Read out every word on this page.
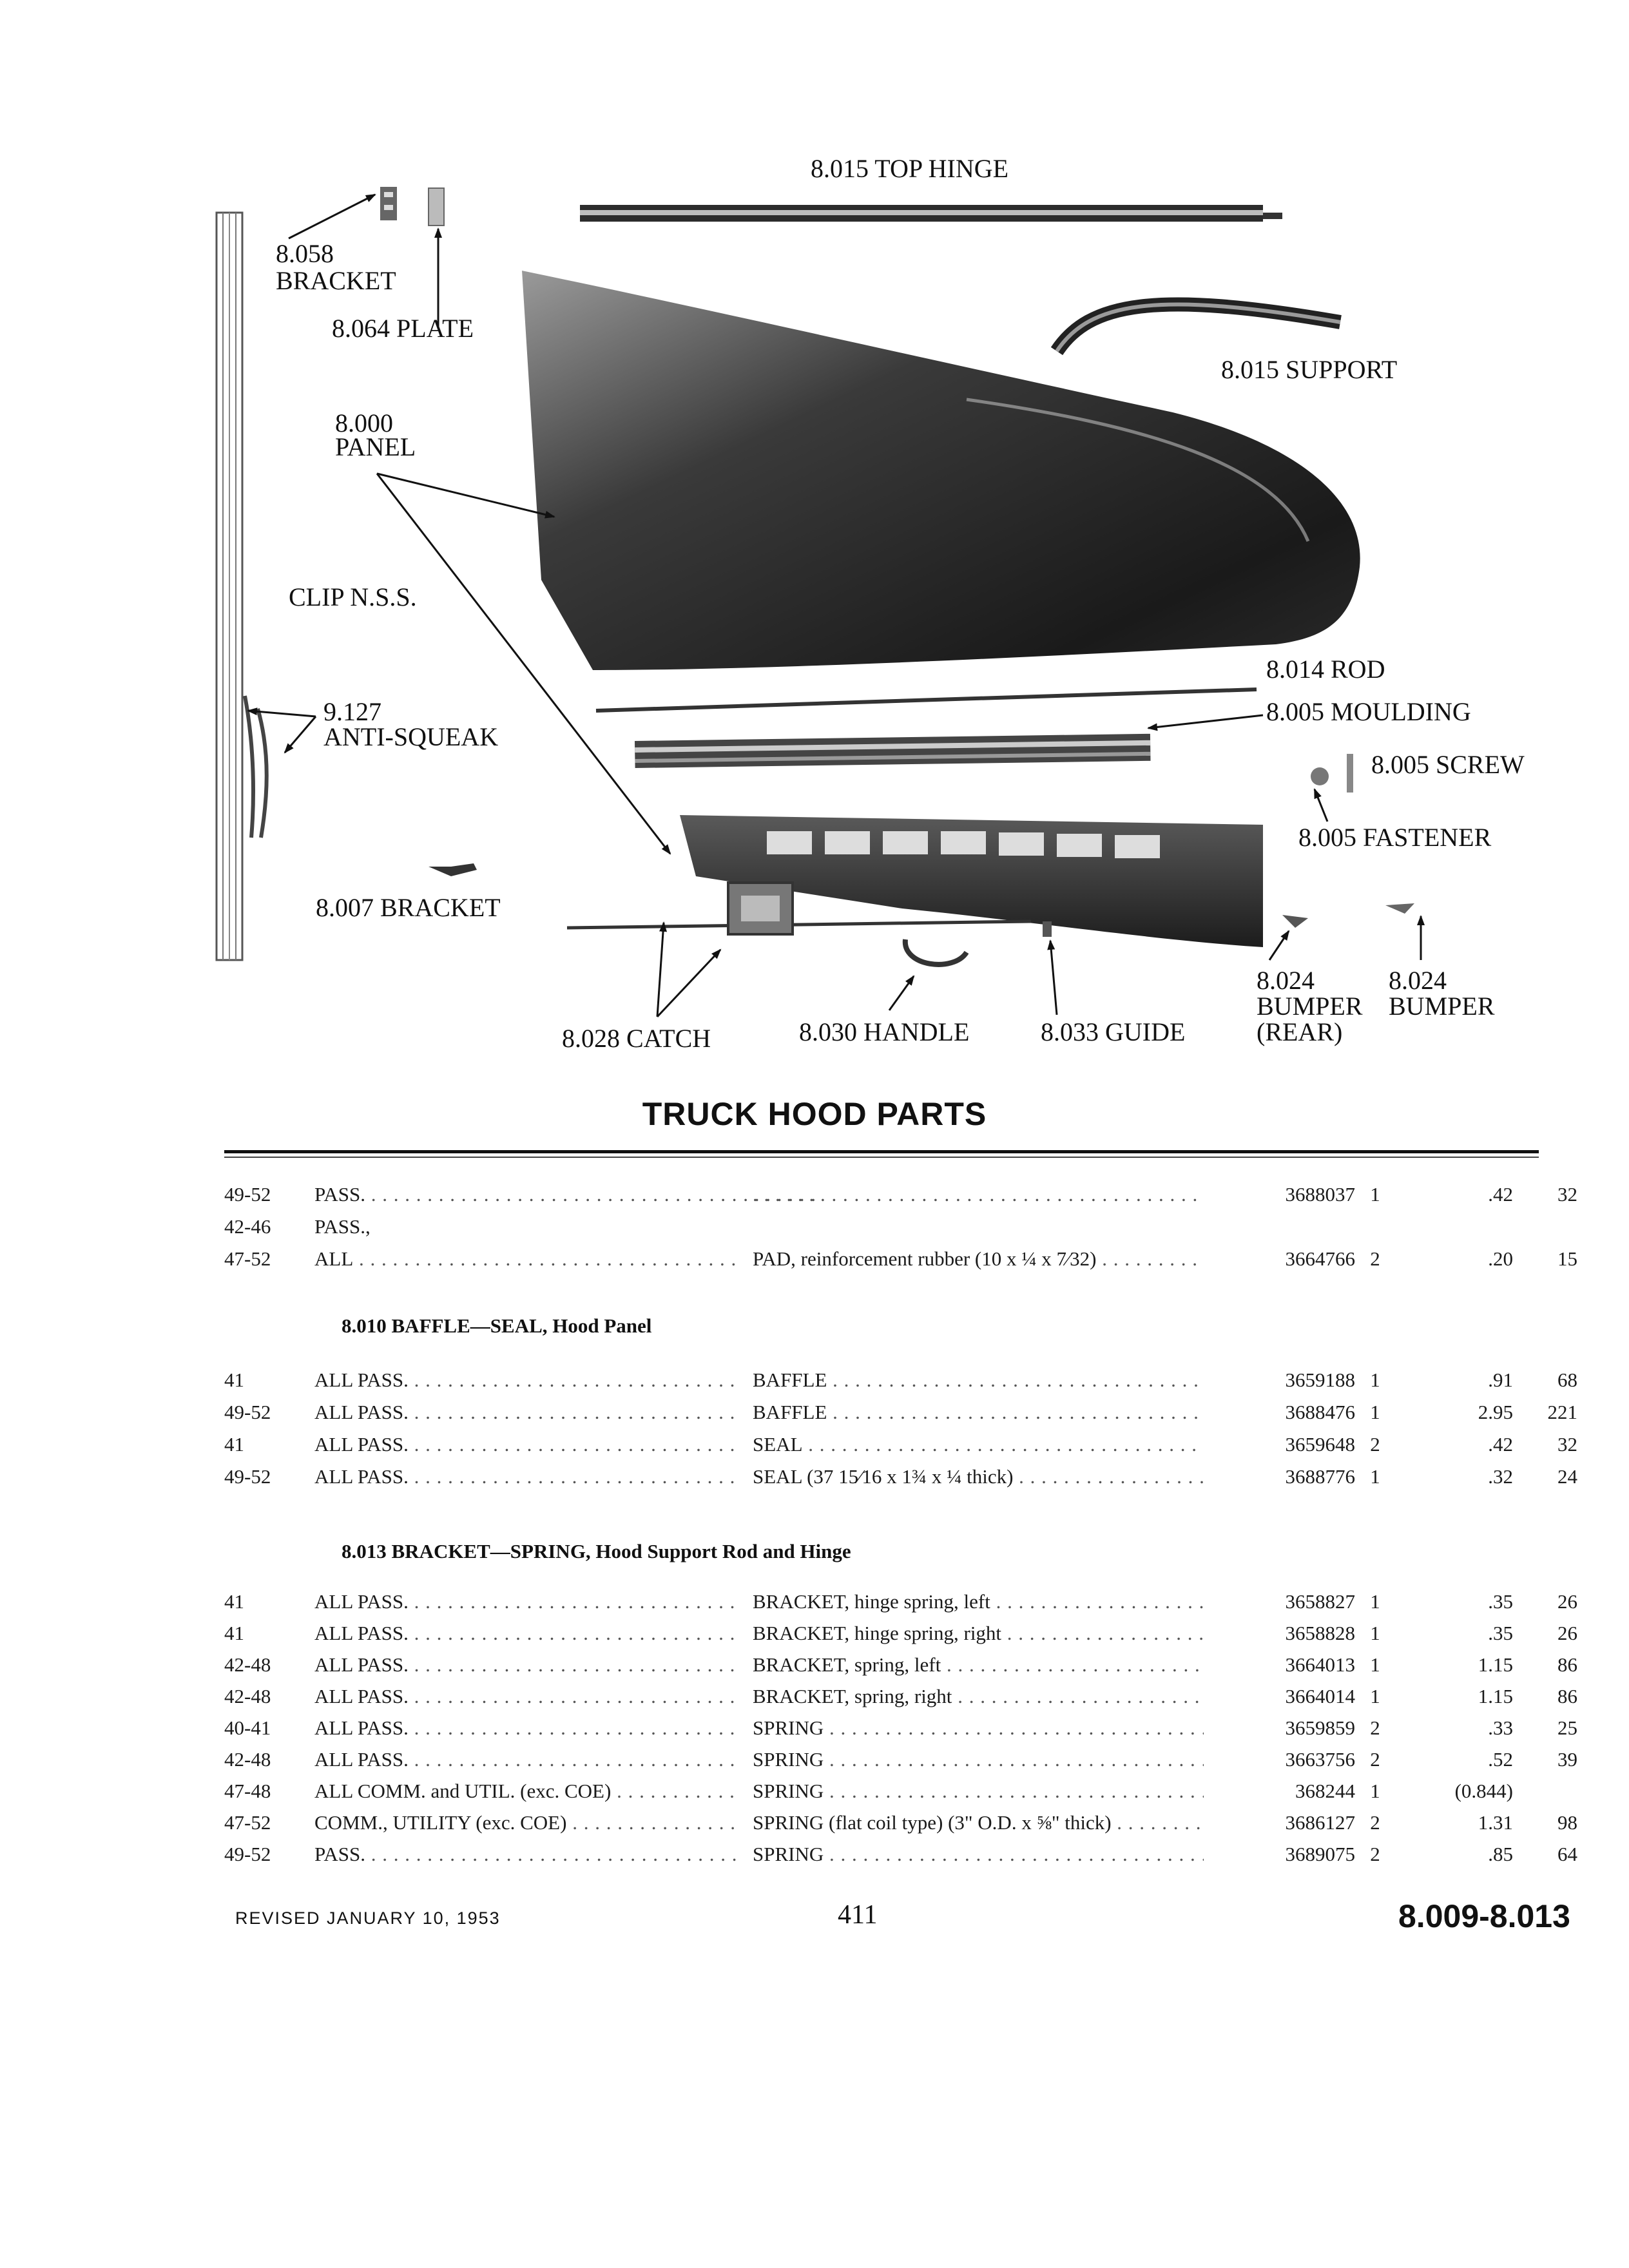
8.015 TOP HINGE
8.058
BRACKET
8.064 PLATE
8.015 SUPPORT
8.000
PANEL
CLIP N.S.S.
8.014 ROD
8.005 MOULDING
8.005 SCREW
8.005 FASTENER
9.127
ANTI-SQUEAK
8.007 BRACKET
8.024
BUMPER
(REAR)
8.024
BUMPER
8.028 CATCH	8.030 HANDLE	8.033 GUIDE
TRUCK HOOD PARTS
49-52	PASS. . . .
. . .	3688037 1	.42	32
42-46	PASS.,
47-52	ALL . . .	PAD, reinforcement rubber (10 x ¼ x 7⁄32) . . .	3664766 2	.20	15
8.010 BAFFLE—SEAL, Hood Panel
41	ALL PASS. . . .	BAFFLE . . .	3659188 1	.91	68
49-52	ALL PASS. . . .	BAFFLE . . .	3688476 1	2.95	221
41	ALL PASS. . . .	SEAL . . .	3659648 2	.42	32
49-52	ALL PASS. . . .	SEAL (37 15⁄16 x 1¾ x ¼ thick) . . .	3688776 1	.32	24
8.013 BRACKET—SPRING, Hood Support Rod and Hinge
41	ALL PASS. . . .	BRACKET, hinge spring, left . . .	3658827 1	.35	26
41	ALL PASS. . . .	BRACKET, hinge spring, right . . .	3658828 1	.35	26
42-48	ALL PASS. . . .	BRACKET, spring, left . . .	3664013 1	1.15	86
42-48	ALL PASS. . . .	BRACKET, spring, right . . .	3664014 1	1.15	86
40-41	ALL PASS. . . .	SPRING . . .	3659859 2	.33	25
42-48	ALL PASS. . . .	SPRING . . .	3663756 2	.52	39
47-48	ALL COMM. and UTIL. (exc. COE) . . .	SPRING . . .	368244 1	(0.844)
47-52	COMM., UTILITY (exc. COE) . . .	SPRING (flat coil type) (3" O.D. x ⅝" thick) . . .	3686127 2	1.31	98
49-52	PASS. . . .	SPRING . . .	3689075 2	.85	64
REVISED JANUARY 10, 1953	411	8.009-8.013
